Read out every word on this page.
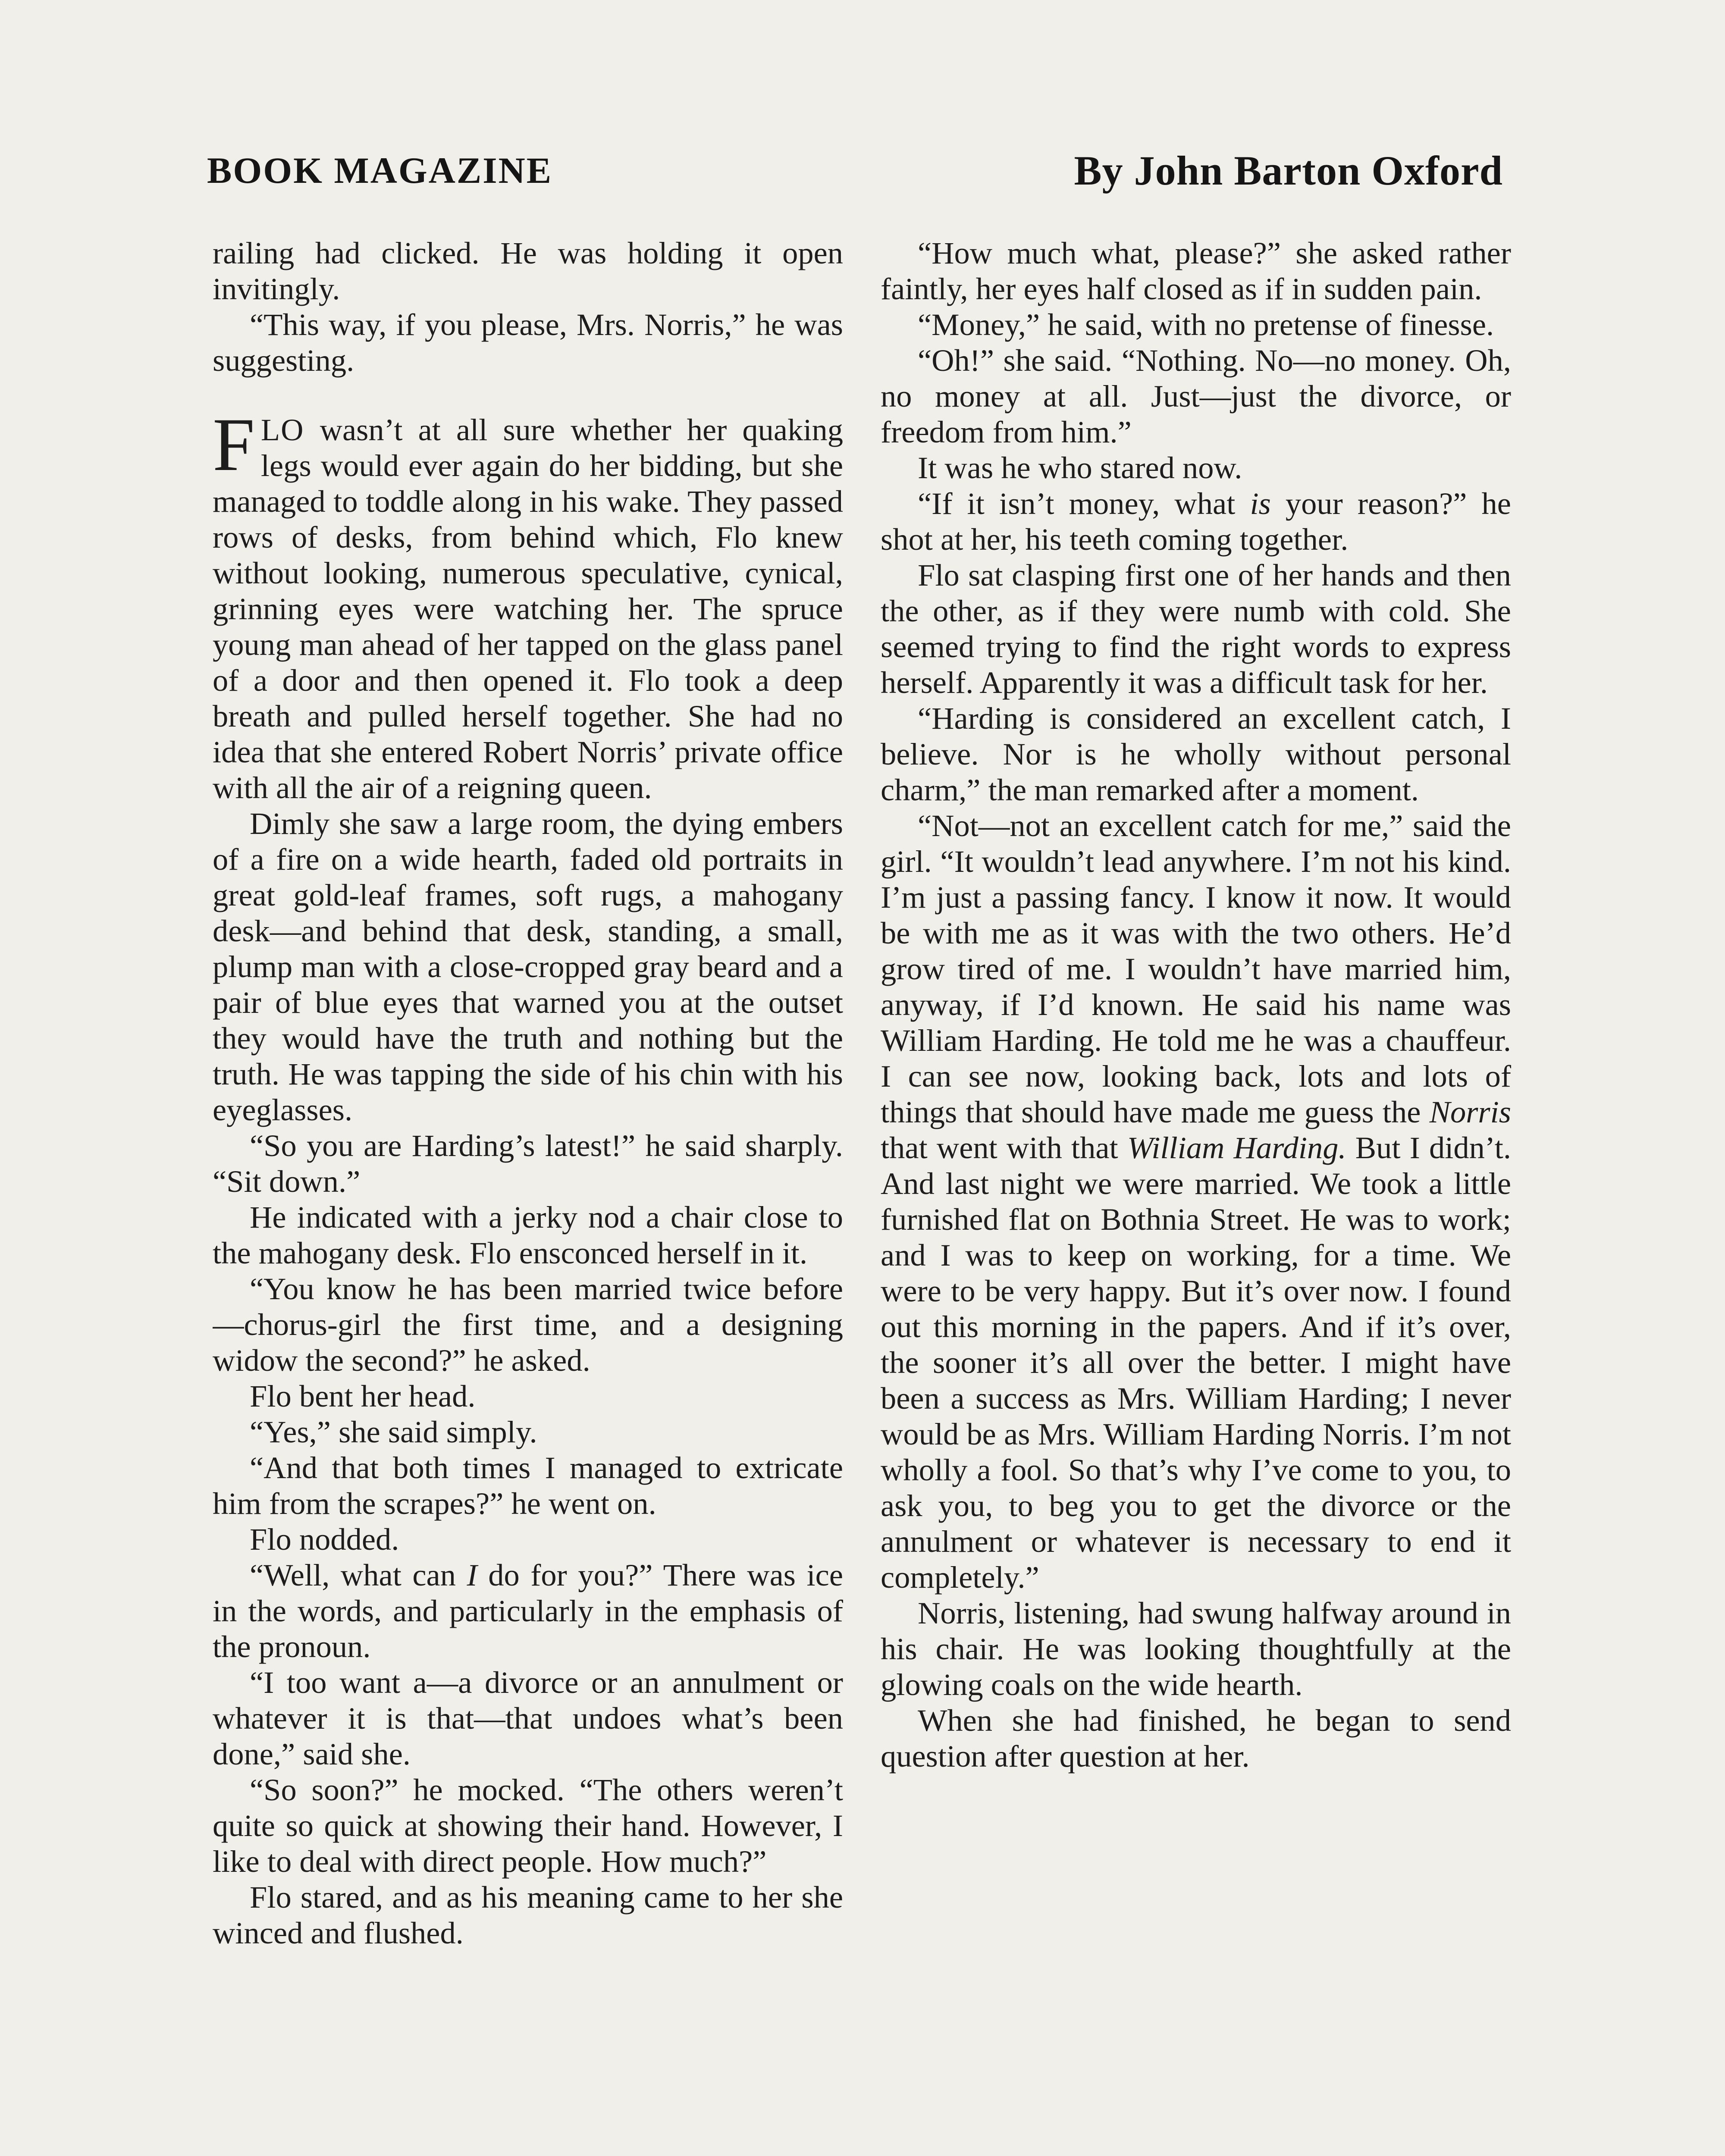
BOOK MAGAZINE	By John Barton Oxford

railing had clicked. He was holding it open invitingly.

“This way, if you please, Mrs. Norris,” he was suggesting.

FLO wasn’t at all sure whether her quaking legs would ever again do her bidding, but she managed to toddle along in his wake. They passed rows of desks, from behind which, Flo knew without looking, numerous speculative, cynical, grinning eyes were watching her. The spruce young man ahead of her tapped on the glass panel of a door and then opened it. Flo took a deep breath and pulled herself together. She had no idea that she entered Robert Norris’ private office with all the air of a reigning queen.

Dimly she saw a large room, the dying embers of a fire on a wide hearth, faded old portraits in great gold-leaf frames, soft rugs, a mahogany desk—and behind that desk, standing, a small, plump man with a close-cropped gray beard and a pair of blue eyes that warned you at the outset they would have the truth and nothing but the truth. He was tapping the side of his chin with his eyeglasses.

“So you are Harding’s latest!” he said sharply. “Sit down.”

He indicated with a jerky nod a chair close to the mahogany desk. Flo ensconced herself in it.

“You know he has been married twice before—chorus-girl the first time, and a designing widow the second?” he asked.

Flo bent her head.

“Yes,” she said simply.

“And that both times I managed to extricate him from the scrapes?” he went on.

Flo nodded.

“Well, what can I do for you?” There was ice in the words, and particularly in the emphasis of the pronoun.

“I too want a—a divorce or an annulment or whatever it is that—that undoes what’s been done,” said she.

“So soon?” he mocked. “The others weren’t quite so quick at showing their hand. However, I like to deal with direct people. How much?”

Flo stared, and as his meaning came to her she winced and flushed.

“How much what, please?” she asked rather faintly, her eyes half closed as if in sudden pain.

“Money,” he said, with no pretense of finesse.

“Oh!” she said. “Nothing. No—no money. Oh, no money at all. Just—just the divorce, or freedom from him.”

It was he who stared now.

“If it isn’t money, what is your reason?” he shot at her, his teeth coming together.

Flo sat clasping first one of her hands and then the other, as if they were numb with cold. She seemed trying to find the right words to express herself. Apparently it was a difficult task for her.

“Harding is considered an excellent catch, I believe. Nor is he wholly without personal charm,” the man remarked after a moment.

“Not—not an excellent catch for me,” said the girl. “It wouldn’t lead anywhere. I’m not his kind. I’m just a passing fancy. I know it now. It would be with me as it was with the two others. He’d grow tired of me. I wouldn’t have married him, anyway, if I’d known. He said his name was William Harding. He told me he was a chauffeur. I can see now, looking back, lots and lots of things that should have made me guess the Norris that went with that William Harding. But I didn’t. And last night we were married. We took a little furnished flat on Bothnia Street. He was to work; and I was to keep on working, for a time. We were to be very happy. But it’s over now. I found out this morning in the papers. And if it’s over, the sooner it’s all over the better. I might have been a success as Mrs. William Harding; I never would be as Mrs. William Harding Norris. I’m not wholly a fool. So that’s why I’ve come to you, to ask you, to beg you to get the divorce or the annulment or whatever is necessary to end it completely.”

Norris, listening, had swung halfway around in his chair. He was looking thoughtfully at the glowing coals on the wide hearth.

When she had finished, he began to send question after question at her.
